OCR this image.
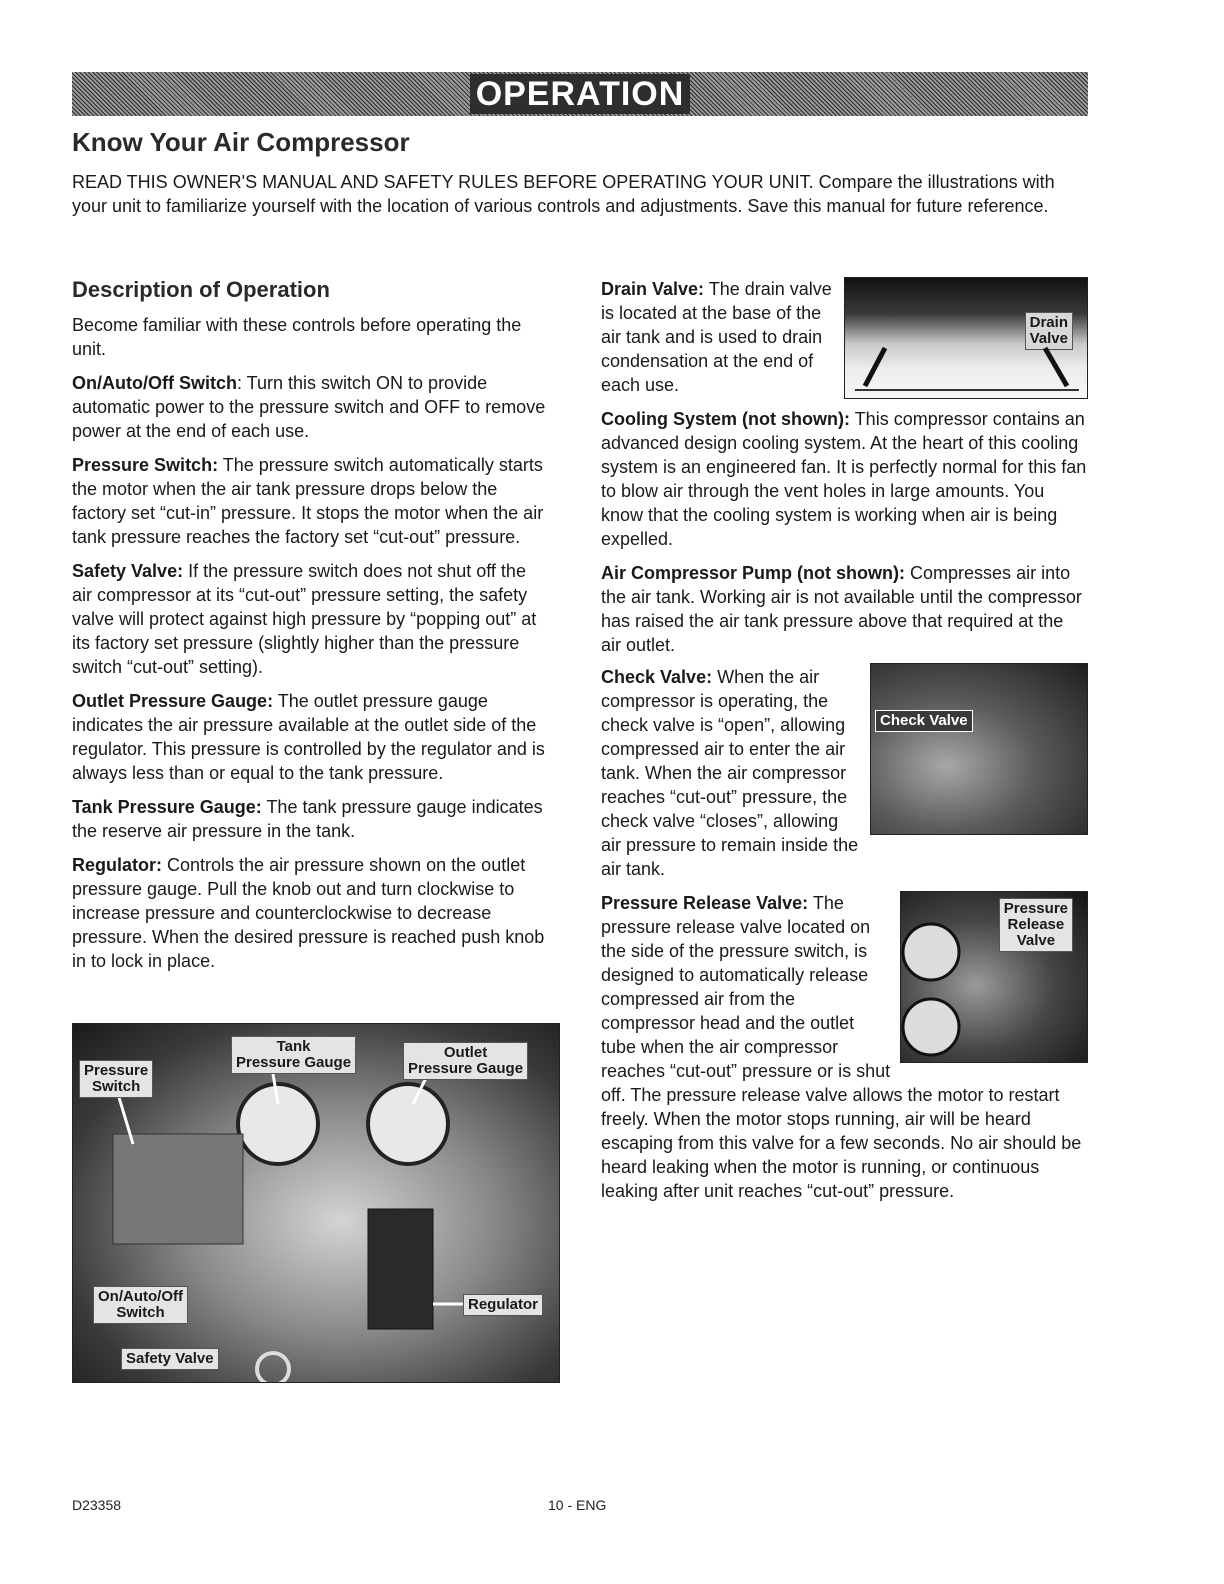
OPERATION
Know Your Air Compressor

READ THIS OWNER'S MANUAL AND SAFETY RULES BEFORE OPERATING YOUR UNIT. Compare the illustrations with your unit to familiarize yourself with the location of various controls and adjustments. Save this manual for future reference.

Description of Operation

Become familiar with these controls before operating the unit.

On/Auto/Off Switch: Turn this switch ON to provide automatic power to the pressure switch and OFF to remove power at the end of each use.

Pressure Switch: The pressure switch automatically starts the motor when the air tank pressure drops below the factory set “cut-in” pressure. It stops the motor when the air tank pressure reaches the factory set “cut-out” pressure.

Safety Valve: If the pressure switch does not shut off the air compressor at its “cut-out” pressure setting, the safety valve will protect against high pressure by “popping out” at its factory set pressure (slightly higher than the pressure switch “cut-out” setting).

Outlet Pressure Gauge: The outlet pressure gauge indicates the air pressure available at the outlet side of the regulator. This pressure is controlled by the regulator and is always less than or equal to the tank pressure.

Tank Pressure Gauge: The tank pressure gauge indicates the reserve air pressure in the tank.

Regulator: Controls the air pressure shown on the outlet pressure gauge. Pull the knob out and turn clockwise to increase pressure and counterclockwise to decrease pressure. When the desired pressure is reached push knob in to lock in place.

Pressure
Switch
Tank
Pressure Gauge
Outlet
Pressure Gauge
On/Auto/Off
Switch	Regulator
Safety Valve
Drain
Valve

Drain Valve: The drain valve is located at the base of the air tank and is used to drain condensation at the end of each use.

Cooling System (not shown): This compressor contains an advanced design cooling system. At the heart of this cooling system is an engineered fan. It is perfectly normal for this fan to blow air through the vent holes in large amounts. You know that the cooling system is working when air is being expelled.

Air Compressor Pump (not shown): Compresses air into the air tank. Working air is not available until the compressor has raised the air tank pressure above that required at the air outlet.

Check Valve

Check Valve: When the air compressor is operating, the check valve is “open”, allowing compressed air to enter the air tank. When the air compressor reaches “cut-out” pressure, the check valve “closes”, allowing air pressure to remain inside the air tank.

Pressure
Release
Valve

Pressure Release Valve: The pressure release valve located on the side of the pressure switch, is designed to automatically release compressed air from the compressor head and the outlet tube when the air compressor reaches “cut-out” pressure or is shut off. The pressure release valve allows the motor to restart freely. When the motor stops running, air will be heard escaping from this valve for a few seconds. No air should be heard leaking when the motor is running, or continuous leaking after unit reaches “cut-out” pressure.

D23358	10 - ENG
